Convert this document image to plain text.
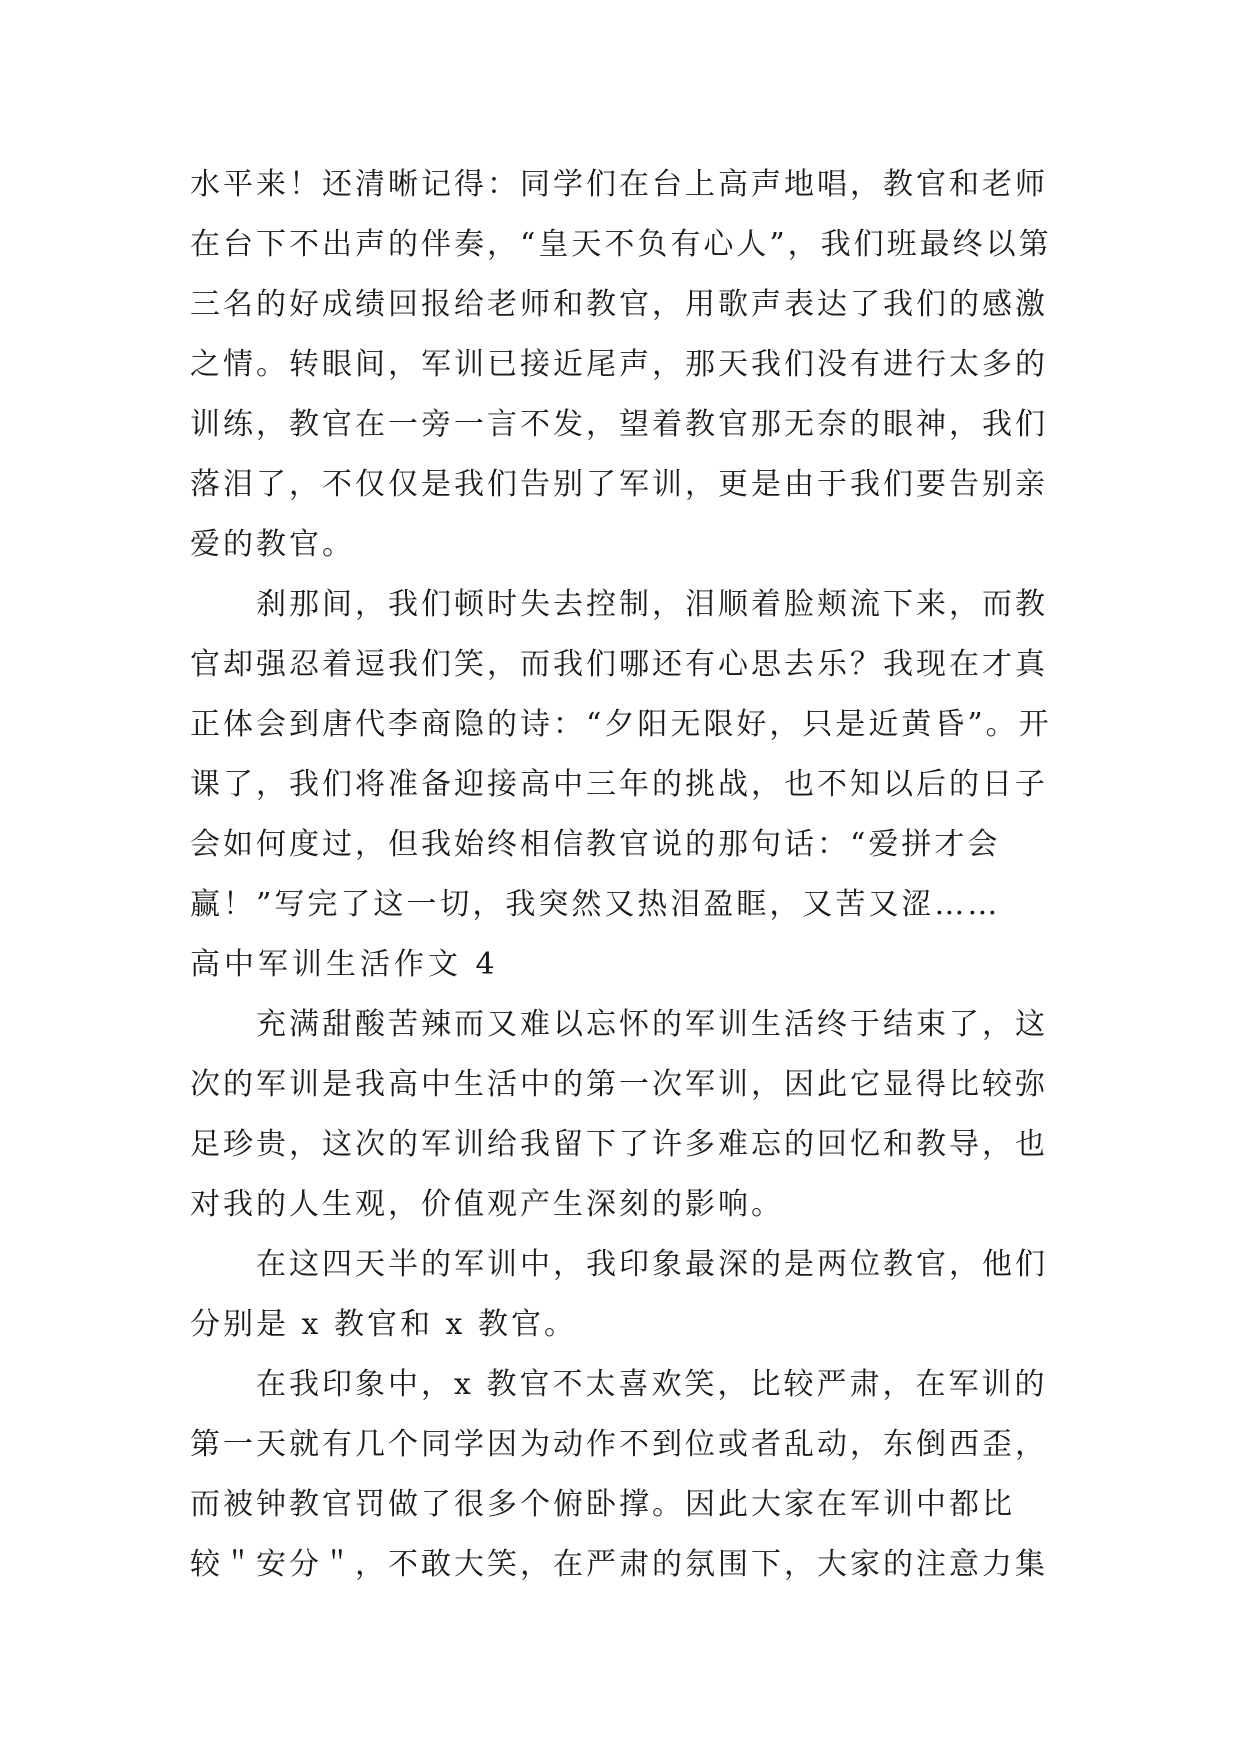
水平来！还清晰记得：同学们在台上高声地唱，教官和老师
在台下不出声的伴奏，“皇天不负有心人”，我们班最终以第
三名的好成绩回报给老师和教官，用歌声表达了我们的感激
之情。转眼间，军训已接近尾声，那天我们没有进行太多的
训练，教官在一旁一言不发，望着教官那无奈的眼神，我们
落泪了，不仅仅是我们告别了军训，更是由于我们要告别亲
爱的教官。
刹那间，我们顿时失去控制，泪顺着脸颊流下来，而教
官却强忍着逗我们笑，而我们哪还有心思去乐？我现在才真
正体会到唐代李商隐的诗：“夕阳无限好，只是近黄昏”。开
课了，我们将准备迎接高中三年的挑战，也不知以后的日子
会如何度过，但我始终相信教官说的那句话：“爱拼才会
赢！”写完了这一切，我突然又热泪盈眶，又苦又涩……
高中军训生活作文 4
充满甜酸苦辣而又难以忘怀的军训生活终于结束了，这
次的军训是我高中生活中的第一次军训，因此它显得比较弥
足珍贵，这次的军训给我留下了许多难忘的回忆和教导，也
对我的人生观，价值观产生深刻的影响。
在这四天半的军训中，我印象最深的是两位教官，他们
分别是 x 教官和 x 教官。
在我印象中，x 教官不太喜欢笑，比较严肃，在军训的
第一天就有几个同学因为动作不到位或者乱动，东倒西歪，
而被钟教官罚做了很多个俯卧撑。因此大家在军训中都比
较＂安分＂，不敢大笑，在严肃的氛围下，大家的注意力集
